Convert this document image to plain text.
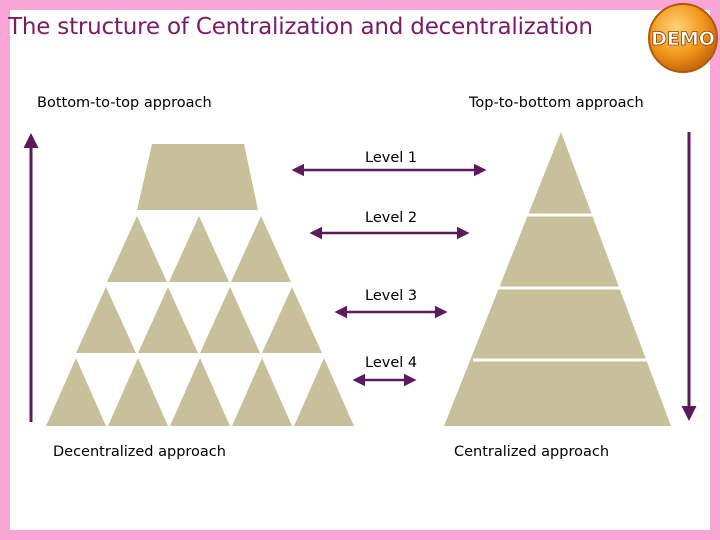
The structure of Centralization and decentralization	DEMO
Bottom-to-top approach	Top-to-bottom approach
Level 1
Level 2
Level 3
Level 4
Decentralized approach	Centralized approach
